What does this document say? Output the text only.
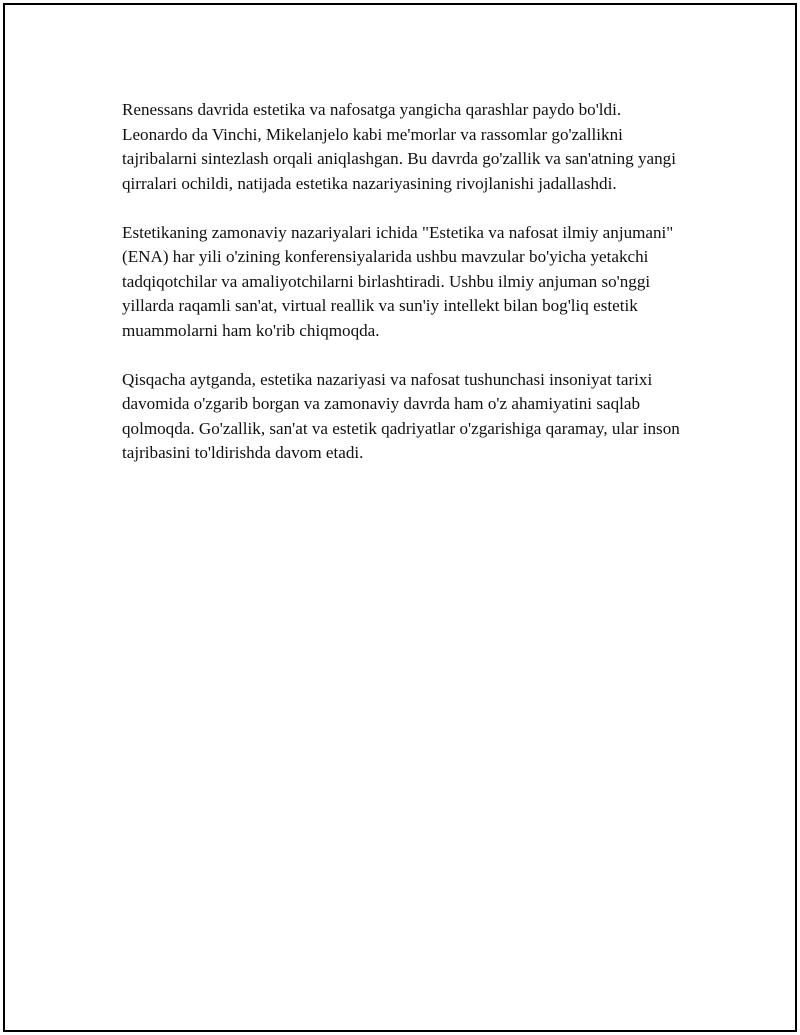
Renessans davrida estetika va nafosatga yangicha qarashlar paydo bo'ldi. Leonardo da Vinchi, Mikelanjelo kabi me'morlar va rassomlar go'zallikni tajribalarni sintezlash orqali aniqlashgan. Bu davrda go'zallik va san'atning yangi qirralari ochildi, natijada estetika nazariyasining rivojlanishi jadallashdi.

Estetikaning zamonaviy nazariyalari ichida "Estetika va nafosat ilmiy anjumani" (ENA) har yili o'zining konferensiyalarida ushbu mavzular bo'yicha yetakchi tadqiqotchilar va amaliyotchilarni birlashtiradi. Ushbu ilmiy anjuman so'nggi yillarda raqamli san'at, virtual reallik va sun'iy intellekt bilan bog'liq estetik muammolarni ham ko'rib chiqmoqda.

Qisqacha aytganda, estetika nazariyasi va nafosat tushunchasi insoniyat tarixi davomida o'zgarib borgan va zamonaviy davrda ham o'z ahamiyatini saqlab qolmoqda. Go'zallik, san'at va estetik qadriyatlar o'zgarishiga qaramay, ular inson tajribasini to'ldirishda davom etadi.
